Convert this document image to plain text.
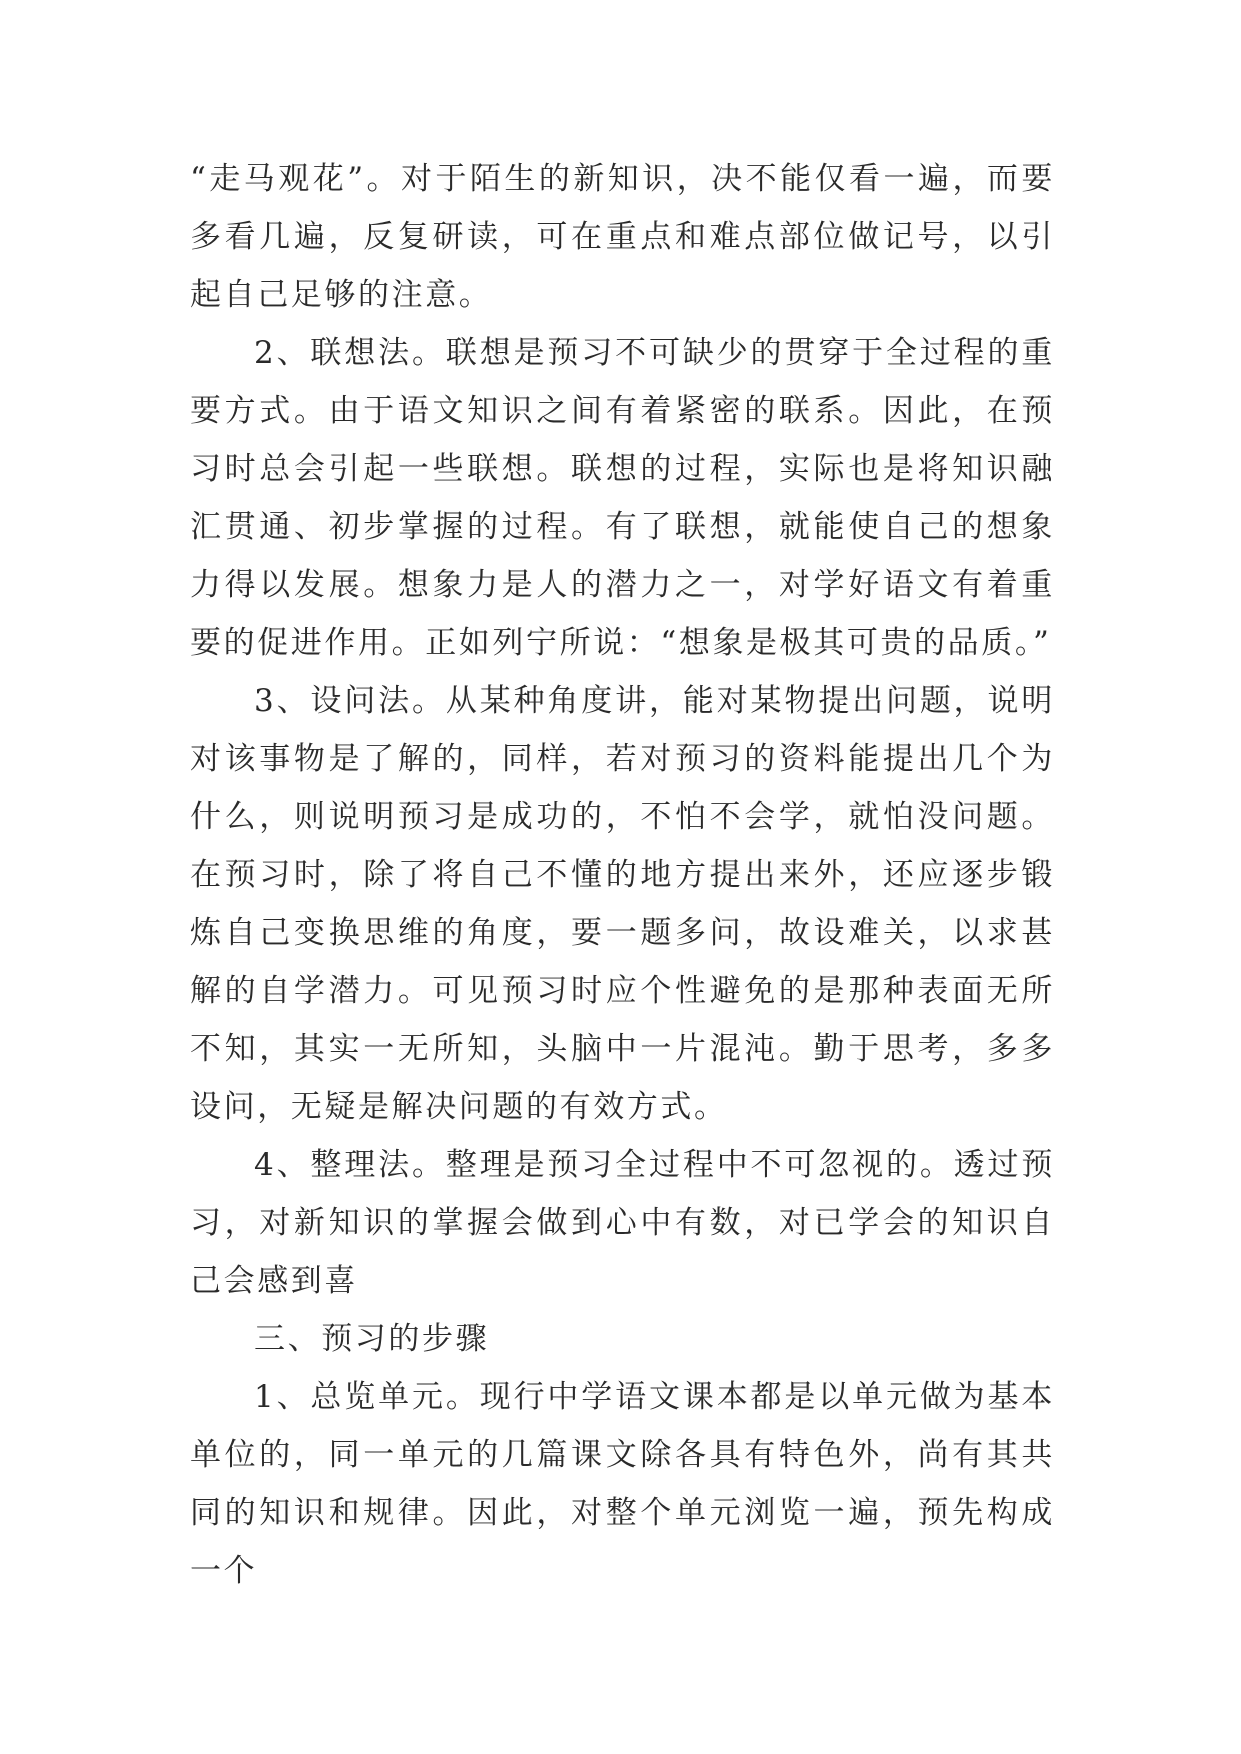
“走马观花”。对于陌生的新知识，决不能仅看一遍，而要多看几遍，反复研读，可在重点和难点部位做记号，以引起自己足够的注意。

2、联想法。联想是预习不可缺少的贯穿于全过程的重要方式。由于语文知识之间有着紧密的联系。因此，在预习时总会引起一些联想。联想的过程，实际也是将知识融汇贯通、初步掌握的过程。有了联想，就能使自己的想象力得以发展。想象力是人的潜力之一，对学好语文有着重要的促进作用。正如列宁所说：“想象是极其可贵的品质。”

3、设问法。从某种角度讲，能对某物提出问题，说明对该事物是了解的，同样，若对预习的资料能提出几个为什么，则说明预习是成功的，不怕不会学，就怕没问题。在预习时，除了将自己不懂的地方提出来外，还应逐步锻炼自己变换思维的角度，要一题多问，故设难关，以求甚解的自学潜力。可见预习时应个性避免的是那种表面无所不知，其实一无所知，头脑中一片混沌。勤于思考，多多设问，无疑是解决问题的有效方式。

4、整理法。整理是预习全过程中不可忽视的。透过预习，对新知识的掌握会做到心中有数，对已学会的知识自己会感到喜

三、预习的步骤

1、总览单元。现行中学语文课本都是以单元做为基本单位的，同一单元的几篇课文除各具有特色外，尚有其共同的知识和规律。因此，对整个单元浏览一遍，预先构成一个
